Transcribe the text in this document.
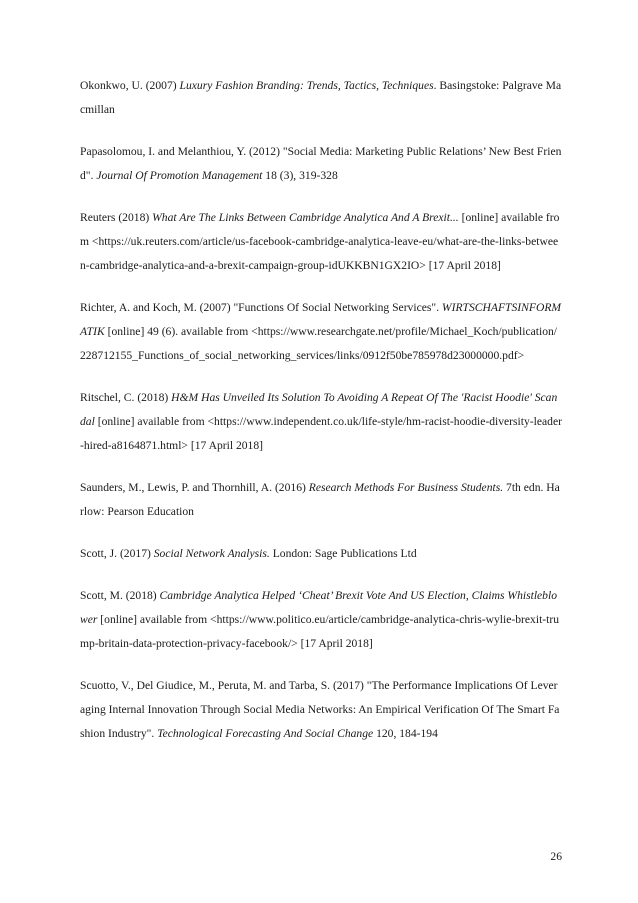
Okonkwo, U. (2007) Luxury Fashion Branding: Trends, Tactics, Techniques. Basingstoke: Palgrave Macmillan

Papasolomou, I. and Melanthiou, Y. (2012) "Social Media: Marketing Public Relations’ New Best Friend". Journal Of Promotion Management 18 (3), 319-328

Reuters (2018) What Are The Links Between Cambridge Analytica And A Brexit... [online] available from <https://uk.reuters.com/article/us-facebook-cambridge-analytica-leave-eu/what-are-the-links-between-cambridge-analytica-and-a-brexit-campaign-group-idUKKBN1GX2IO> [17 April 2018]

Richter, A. and Koch, M. (2007) "Functions Of Social Networking Services". WIRTSCHAFTSINFORMATIK [online] 49 (6). available from <https://www.researchgate.net/profile/Michael_Koch/publication/228712155_Functions_of_social_networking_services/links/0912f50be785978d23000000.pdf>

Ritschel, C. (2018) H&M Has Unveiled Its Solution To Avoiding A Repeat Of The 'Racist Hoodie' Scandal [online] available from <https://www.independent.co.uk/life-style/hm-racist-hoodie-diversity-leader-hired-a8164871.html> [17 April 2018]

Saunders, M., Lewis, P. and Thornhill, A. (2016) Research Methods For Business Students. 7th edn. Harlow: Pearson Education

Scott, J. (2017) Social Network Analysis. London: Sage Publications Ltd

Scott, M. (2018) Cambridge Analytica Helped ‘Cheat’ Brexit Vote And US Election, Claims Whistleblower [online] available from <https://www.politico.eu/article/cambridge-analytica-chris-wylie-brexit-trump-britain-data-protection-privacy-facebook/> [17 April 2018]

Scuotto, V., Del Giudice, M., Peruta, M. and Tarba, S. (2017) "The Performance Implications Of Leveraging Internal Innovation Through Social Media Networks: An Empirical Verification Of The Smart Fashion Industry". Technological Forecasting And Social Change 120, 184-194

26
